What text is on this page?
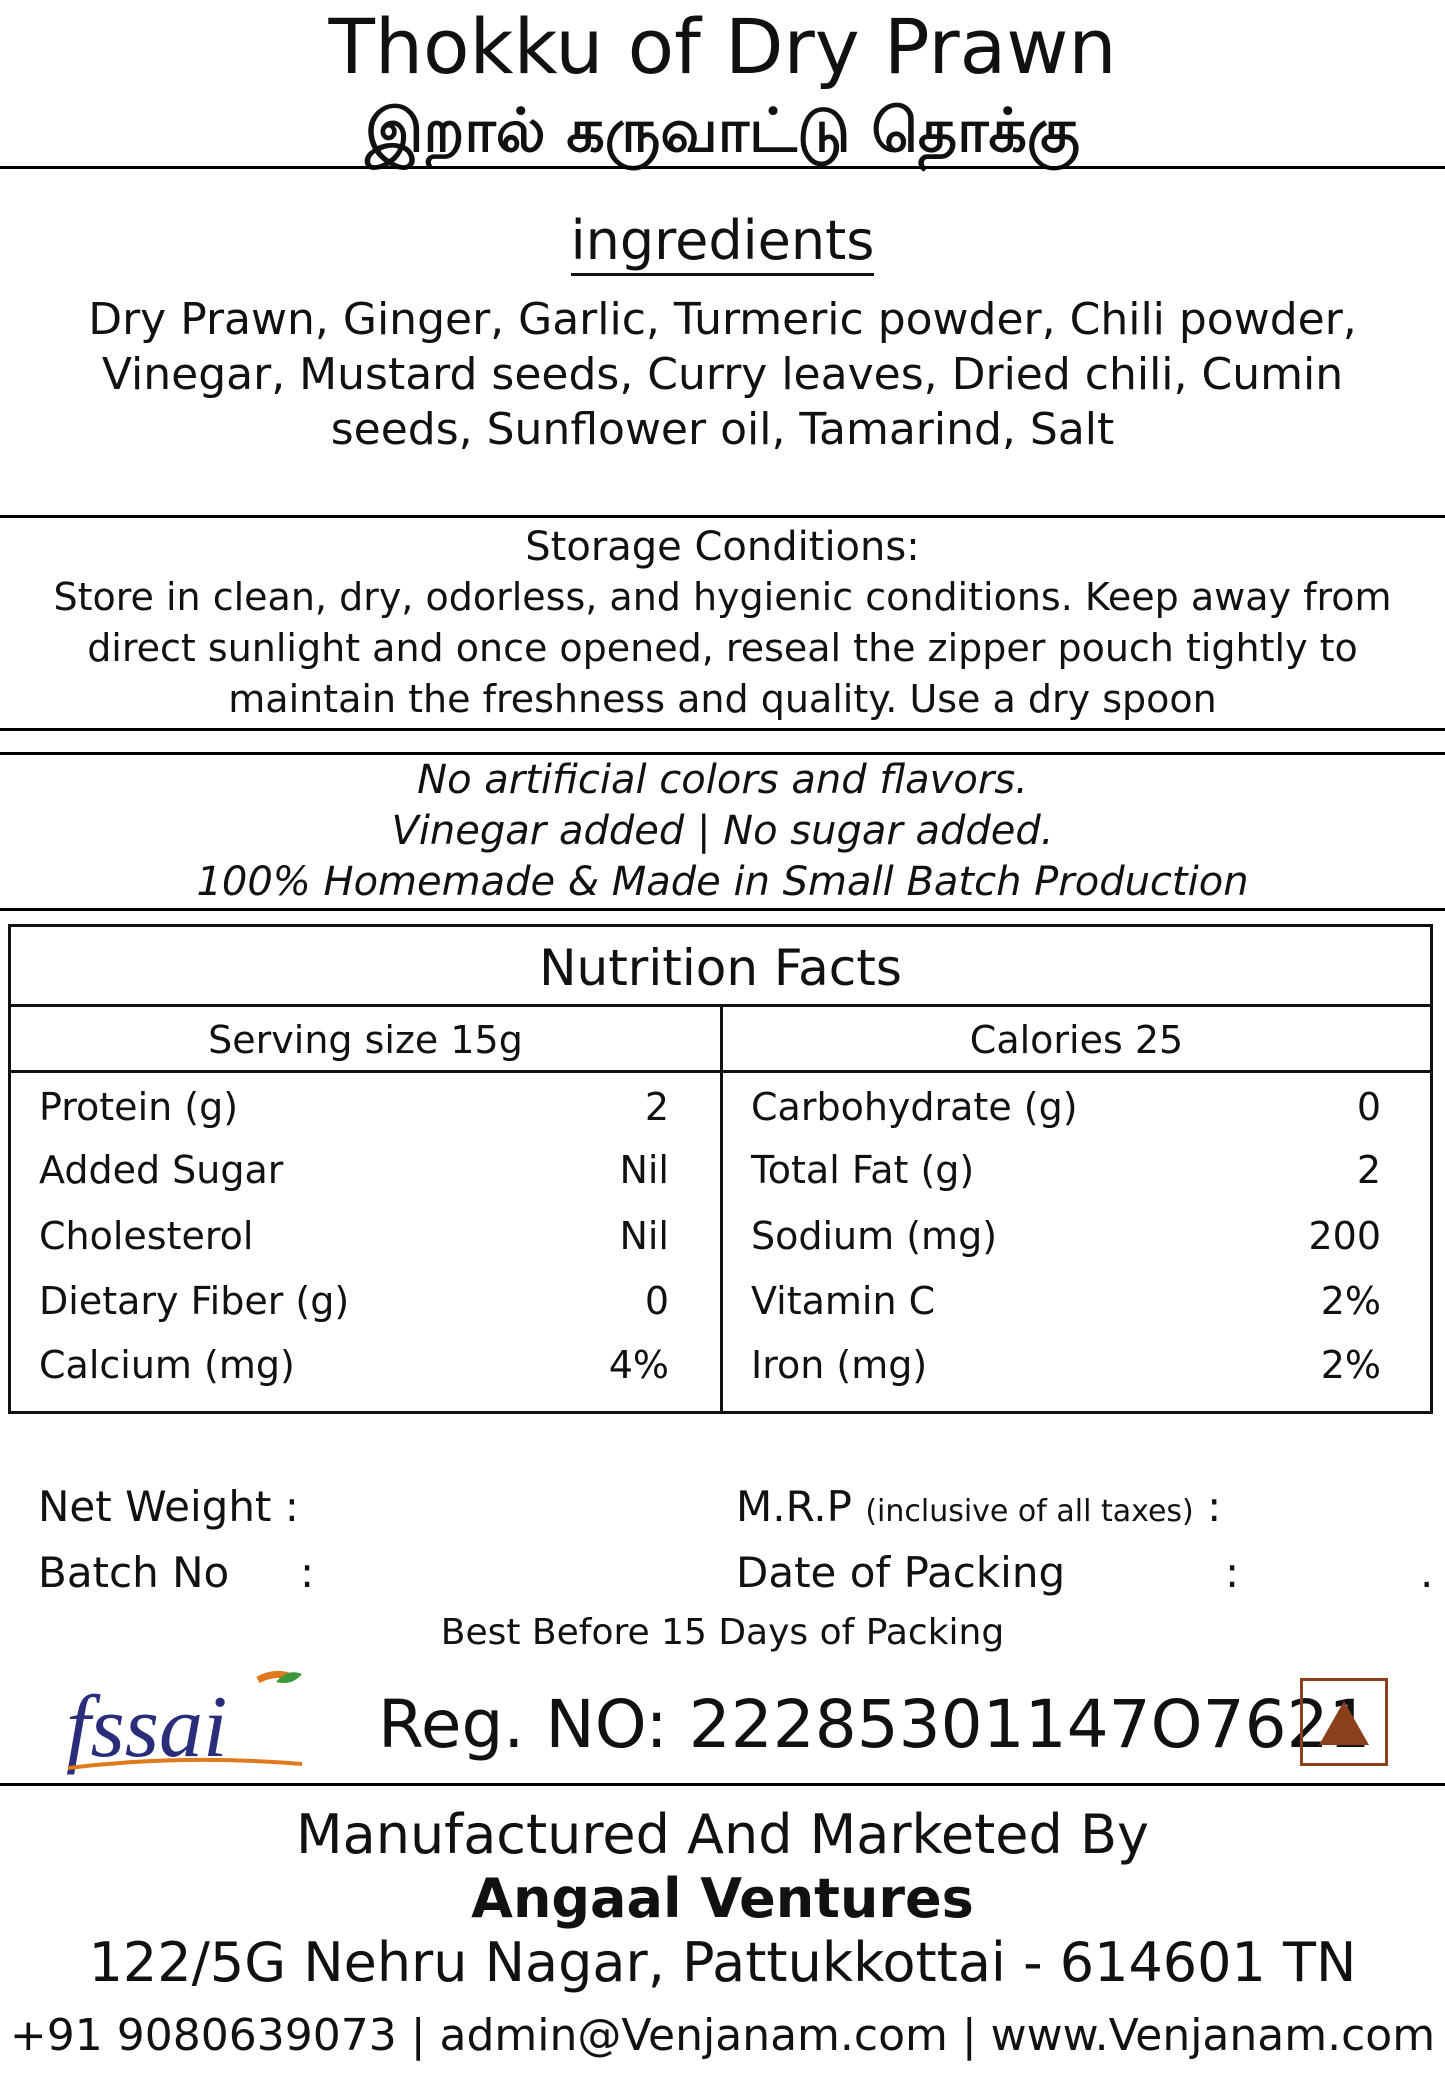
Thokku of Dry Prawn
இறால் கருவாட்டு தொக்கு
ingredients
Dry Prawn, Ginger, Garlic, Turmeric powder, Chili powder, Vinegar, Mustard seeds, Curry leaves, Dried chili, Cumin seeds, Sunflower oil, Tamarind, Salt
Storage Conditions:
Store in clean, dry, odorless, and hygienic conditions. Keep away from direct sunlight and once opened, reseal the zipper pouch tightly to maintain the freshness and quality. Use a dry spoon
No artificial colors and flavors.
Vinegar added | No sugar added.
100% Homemade & Made in Small Batch Production
Nutrition Facts
Serving size 15g	Calories 25
Protein (g)	2
Added Sugar	Nil
Cholesterol	Nil
Dietary Fiber (g)	0
Calcium (mg)	4%
Carbohydrate (g)	0
Total Fat (g)	2
Sodium (mg)	200
Vitamin C	2%
Iron (mg)	2%
Net Weight :
Batch No :
M.R.P (inclusive of all taxes) :
Date of Packing	:	.
Best Before 15 Days of Packing
fssai Reg. NO: 22285301147O7621
Manufactured And Marketed By
Angaal Ventures
122/5G Nehru Nagar, Pattukkottai - 614601 TN
+91 9080639073 | admin@Venjanam.com | www.Venjanam.com
